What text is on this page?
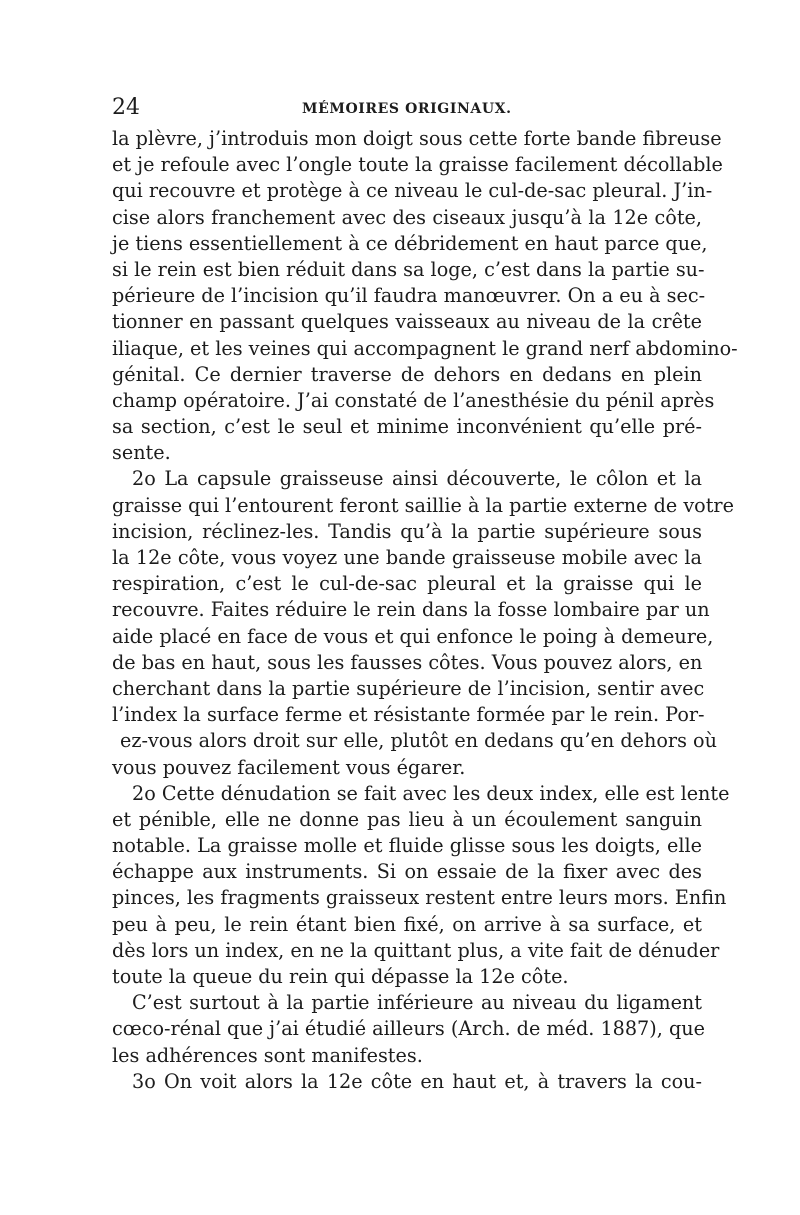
24	MÉMOIRES ORIGINAUX.
la plèvre, j’introduis mon doigt sous cette forte bande fibreuse
et je refoule avec l’ongle toute la graisse facilement décollable
qui recouvre et protège à ce niveau le cul-de-sac pleural. J’in-
cise alors franchement avec des ciseaux jusqu’à la 12e côte,
je tiens essentiellement à ce débridement en haut parce que,
si le rein est bien réduit dans sa loge, c’est dans la partie su-
périeure de l’incision qu’il faudra manœuvrer. On a eu à sec-
tionner en passant quelques vaisseaux au niveau de la crête
iliaque, et les veines qui accompagnent le grand nerf abdomino-
génital. Ce dernier traverse de dehors en dedans en plein
champ opératoire. J’ai constaté de l’anesthésie du pénil après
sa section, c’est le seul et minime inconvénient qu’elle pré-
sente.
2o La capsule graisseuse ainsi découverte, le côlon et la
graisse qui l’entourent feront saillie à la partie externe de votre
incision, réclinez-les. Tandis qu’à la partie supérieure sous
la 12e côte, vous voyez une bande graisseuse mobile avec la
respiration, c’est le cul-de-sac pleural et la graisse qui le
recouvre. Faites réduire le rein dans la fosse lombaire par un
aide placé en face de vous et qui enfonce le poing à demeure,
de bas en haut, sous les fausses côtes. Vous pouvez alors, en
cherchant dans la partie supérieure de l’incision, sentir avec
l’index la surface ferme et résistante formée par le rein. Por-
ez-vous alors droit sur elle, plutôt en dedans qu’en dehors où
vous pouvez facilement vous égarer.
2o Cette dénudation se fait avec les deux index, elle est lente
et pénible, elle ne donne pas lieu à un écoulement sanguin
notable. La graisse molle et fluide glisse sous les doigts, elle
échappe aux instruments. Si on essaie de la fixer avec des
pinces, les fragments graisseux restent entre leurs mors. Enfin
peu à peu, le rein étant bien fixé, on arrive à sa surface, et
dès lors un index, en ne la quittant plus, a vite fait de dénuder
toute la queue du rein qui dépasse la 12e côte.
C’est surtout à la partie inférieure au niveau du ligament
cœco-rénal que j’ai étudié ailleurs (Arch. de méd. 1887), que
les adhérences sont manifestes.
3o On voit alors la 12e côte en haut et, à travers la cou-
